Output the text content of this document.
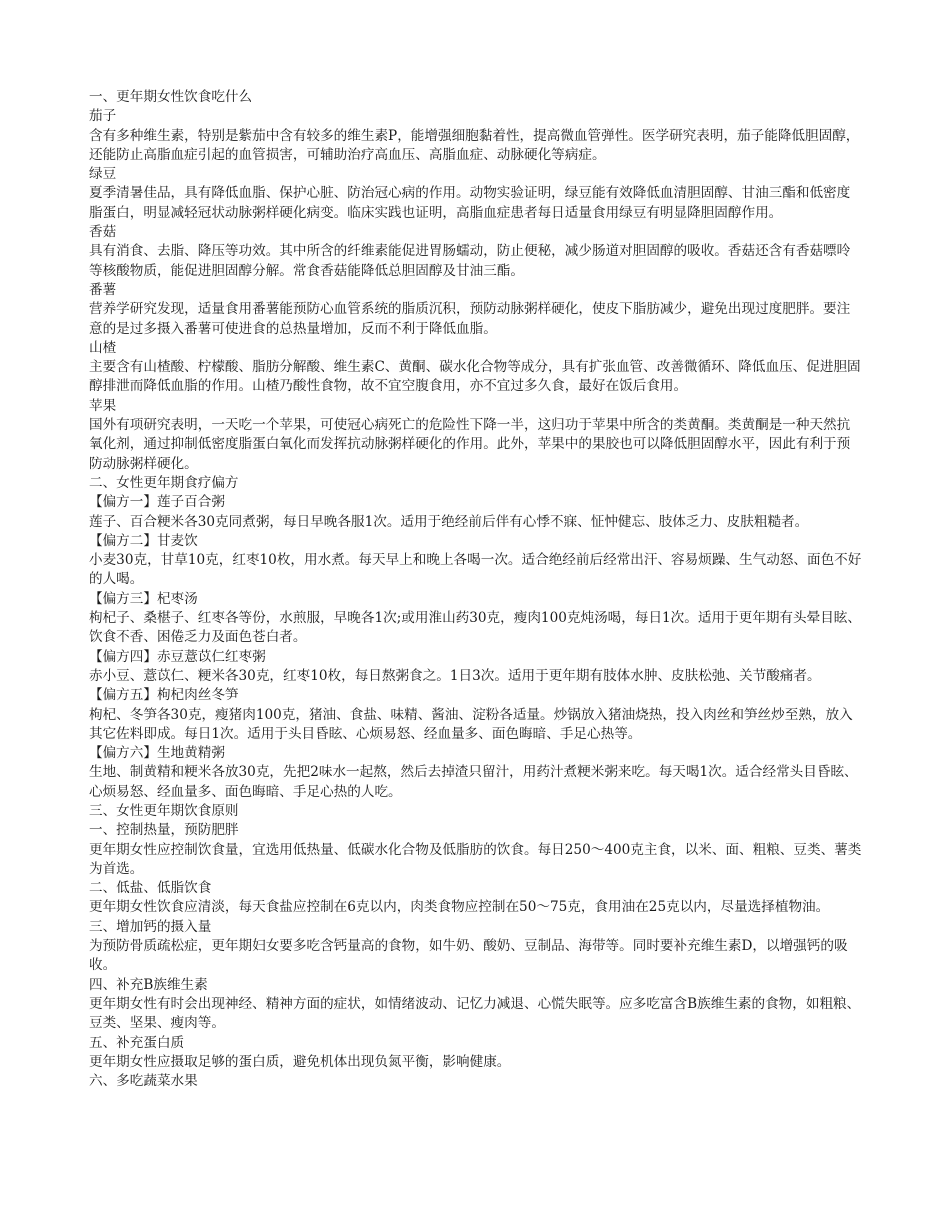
一、更年期女性饮食吃什么
茄子
含有多种维生素，特别是紫茄中含有较多的维生素P，能增强细胞黏着性，提高微血管弹性。医学研究表明，茄子能降低胆固醇，还能防止高脂血症引起的血管损害，可辅助治疗高血压、高脂血症、动脉硬化等病症。
绿豆
夏季清暑佳品，具有降低血脂、保护心脏、防治冠心病的作用。动物实验证明，绿豆能有效降低血清胆固醇、甘油三酯和低密度脂蛋白，明显减轻冠状动脉粥样硬化病变。临床实践也证明，高脂血症患者每日适量食用绿豆有明显降胆固醇作用。
香菇
具有消食、去脂、降压等功效。其中所含的纤维素能促进胃肠蠕动，防止便秘，减少肠道对胆固醇的吸收。香菇还含有香菇嘌呤等核酸物质，能促进胆固醇分解。常食香菇能降低总胆固醇及甘油三酯。
番薯
营养学研究发现，适量食用番薯能预防心血管系统的脂质沉积，预防动脉粥样硬化，使皮下脂肪减少，避免出现过度肥胖。要注意的是过多摄入番薯可使进食的总热量增加，反而不利于降低血脂。
山楂
主要含有山楂酸、柠檬酸、脂肪分解酸、维生素C、黄酮、碳水化合物等成分，具有扩张血管、改善微循环、降低血压、促进胆固醇排泄而降低血脂的作用。山楂乃酸性食物，故不宜空腹食用，亦不宜过多久食，最好在饭后食用。
苹果
国外有项研究表明，一天吃一个苹果，可使冠心病死亡的危险性下降一半，这归功于苹果中所含的类黄酮。类黄酮是一种天然抗氧化剂，通过抑制低密度脂蛋白氧化而发挥抗动脉粥样硬化的作用。此外，苹果中的果胶也可以降低胆固醇水平，因此有利于预防动脉粥样硬化。
二、女性更年期食疗偏方
【偏方一】莲子百合粥
莲子、百合粳米各30克同煮粥，每日早晚各服1次。适用于绝经前后伴有心悸不寐、怔忡健忘、肢体乏力、皮肤粗糙者。
【偏方二】甘麦饮
小麦30克，甘草10克，红枣10枚，用水煮。每天早上和晚上各喝一次。适合绝经前后经常出汗、容易烦躁、生气动怒、面色不好的人喝。
【偏方三】杞枣汤
枸杞子、桑椹子、红枣各等份，水煎服，早晚各1次;或用淮山药30克，瘦肉100克炖汤喝，每日1次。适用于更年期有头晕目眩、饮食不香、困倦乏力及面色苍白者。
【偏方四】赤豆薏苡仁红枣粥
赤小豆、薏苡仁、粳米各30克，红枣10枚，每日熬粥食之。1日3次。适用于更年期有肢体水肿、皮肤松弛、关节酸痛者。
【偏方五】枸杞肉丝冬笋
枸杞、冬笋各30克，瘦猪肉100克，猪油、食盐、味精、酱油、淀粉各适量。炒锅放入猪油烧热，投入肉丝和笋丝炒至熟，放入其它佐料即成。每日1次。适用于头目昏眩、心烦易怒、经血量多、面色晦暗、手足心热等。
【偏方六】生地黄精粥
生地、制黄精和粳米各放30克，先把2味水一起熬，然后去掉渣只留汁，用药汁煮粳米粥来吃。每天喝1次。适合经常头目昏眩、心烦易怒、经血量多、面色晦暗、手足心热的人吃。
三、女性更年期饮食原则
一、控制热量，预防肥胖
更年期女性应控制饮食量，宜选用低热量、低碳水化合物及低脂肪的饮食。每日250～400克主食，以米、面、粗粮、豆类、薯类为首选。
二、低盐、低脂饮食
更年期女性饮食应清淡，每天食盐应控制在6克以内，肉类食物应控制在50～75克，食用油在25克以内，尽量选择植物油。
三、增加钙的摄入量
为预防骨质疏松症，更年期妇女要多吃含钙量高的食物，如牛奶、酸奶、豆制品、海带等。同时要补充维生素D，以增强钙的吸收。
四、补充B族维生素
更年期女性有时会出现神经、精神方面的症状，如情绪波动、记忆力减退、心慌失眠等。应多吃富含B族维生素的食物，如粗粮、豆类、坚果、瘦肉等。
五、补充蛋白质
更年期女性应摄取足够的蛋白质，避免机体出现负氮平衡，影响健康。
六、多吃蔬菜水果
